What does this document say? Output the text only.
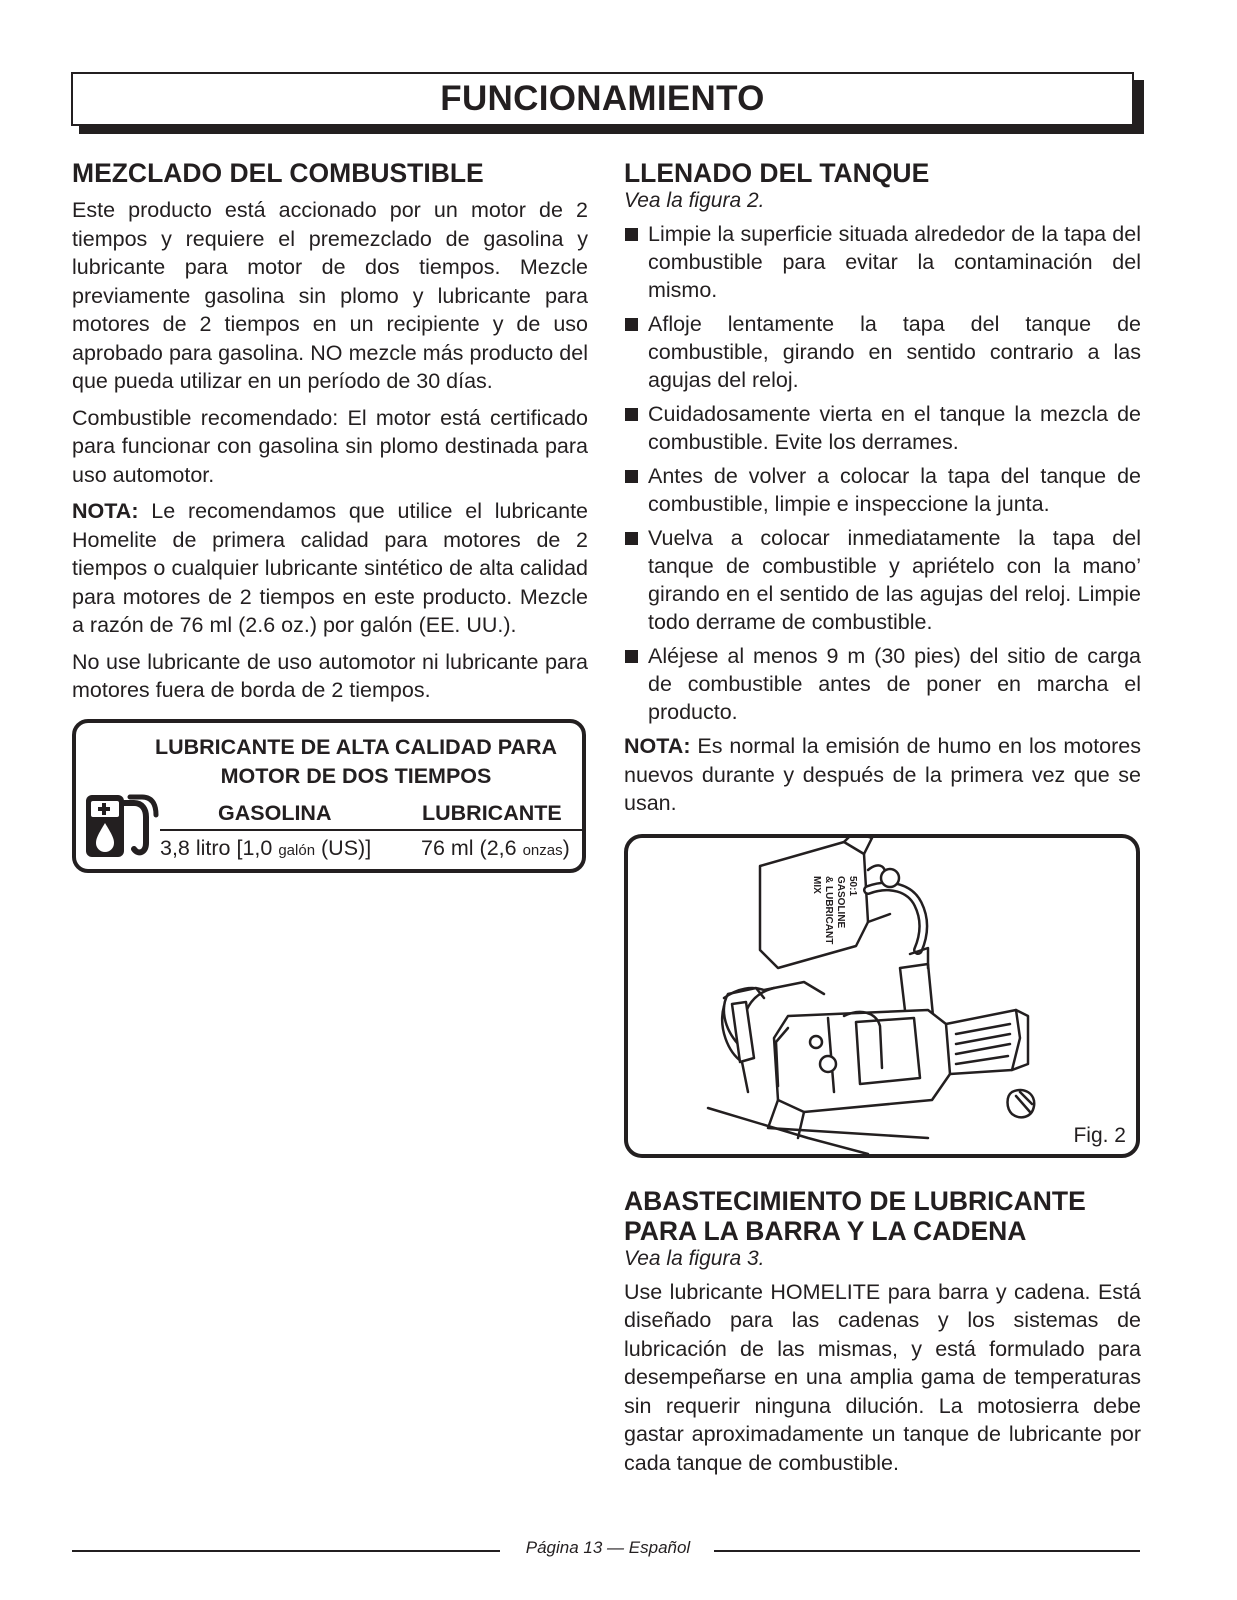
FUNCIONAMIENTO
MEZCLADO DEL COMBUSTIBLE

Este producto está accionado por un motor de 2 tiempos y requiere el premezclado de gasolina y lubricante para motor de dos tiempos. Mezcle previamente gasolina sin plomo y lubricante para motores de 2 tiempos en un recipiente y de uso aprobado para gasolina. NO mezcle más producto del que pueda utilizar en un período de 30 días.

Combustible recomendado: El motor está certificado para funcionar con gasolina sin plomo destinada para uso automotor.

NOTA: Le recomendamos que utilice el lubricante Homelite de primera calidad para motores de 2 tiempos o cualquier lubricante sintético de alta calidad para motores de 2 tiempos en este producto. Mezcle a razón de 76 ml (2.6 oz.) por galón (EE. UU.).

No use lubricante de uso automotor ni lubricante para motores fuera de borda de 2 tiempos.

LUBRICANTE DE ALTA CALIDAD PARA
MOTOR DE DOS TIEMPOS
GASOLINA	LUBRICANTE
3,8 litro [1,0 galón (US)] 76 ml (2,6 onzas)
LLENADO DEL TANQUE
Vea la figura 2.
Limpie la superficie situada alrededor de la tapa del combustible para evitar la contaminación del mismo.
Afloje lentamente la tapa del tanque de combustible, girando en sentido contrario a las agujas del reloj.
Cuidadosamente vierta en el tanque la mezcla de combustible. Evite los derrames.
Antes de volver a colocar la tapa del tanque de combustible, limpie e inspeccione la junta.
Vuelva a colocar inmediatamente la tapa del tanque de combustible y apriételo con la mano’ girando en el sentido de las agujas del reloj. Limpie todo derrame de combustible.
Aléjese al menos 9 m (30 pies) del sitio de carga de combustible antes de poner en marcha el producto.

NOTA: Es normal la emisión de humo en los motores nuevos durante y después de la primera vez que se usan.

50:1
GASOLINE
& LUBRICANT
MIX
Fig. 2
ABASTECIMIENTO DE LUBRICANTE
PARA LA BARRA Y LA CADENA
Vea la figura 3.

Use lubricante HOMELITE para barra y cadena. Está diseñado para las cadenas y los sistemas de lubricación de las mismas, y está formulado para desempeñarse en una amplia gama de temperaturas sin requerir ninguna dilución. La motosierra debe gastar aproximadamente un tanque de lubricante por cada tanque de combustible.

Página 13 — Español
